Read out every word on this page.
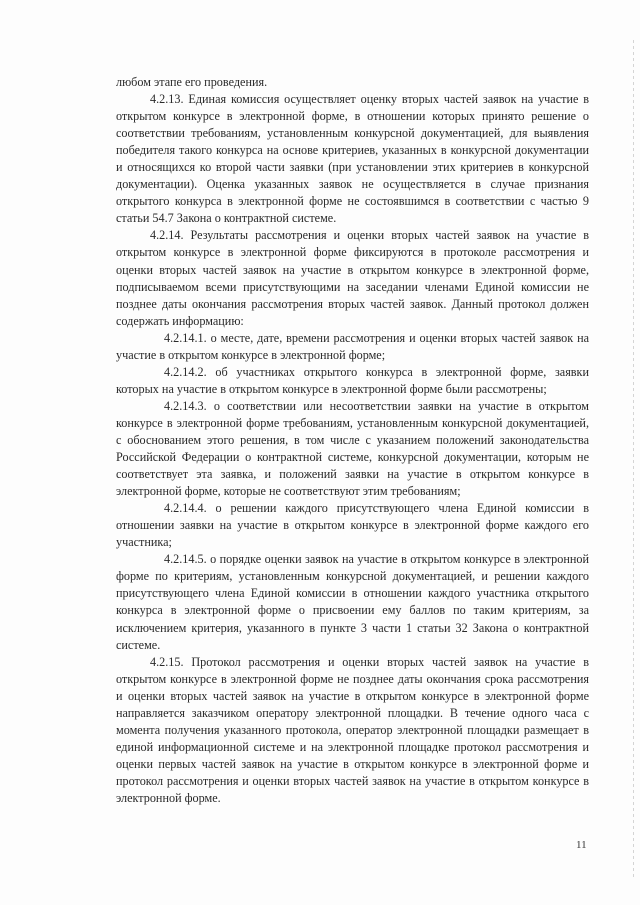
любом этапе его проведения.

4.2.13. Единая комиссия осуществляет оценку вторых частей заявок на участие в открытом конкурсе в электронной форме, в отношении которых принято решение о соответствии требованиям, установленным конкурсной документацией, для выявления победителя такого конкурса на основе критериев, указанных в конкурсной документации и относящихся ко второй части заявки (при установлении этих критериев в конкурсной документации). Оценка указанных заявок не осуществляется в случае признания открытого конкурса в электронной форме не состоявшимся в соответствии с частью 9 статьи 54.7 Закона о контрактной системе.

4.2.14. Результаты рассмотрения и оценки вторых частей заявок на участие в открытом конкурсе в электронной форме фиксируются в протоколе рассмотрения и оценки вторых частей заявок на участие в открытом конкурсе в электронной форме, подписываемом всеми присутствующими на заседании членами Единой комиссии не позднее даты окончания рассмотрения вторых частей заявок. Данный протокол должен содержать информацию:

4.2.14.1. о месте, дате, времени рассмотрения и оценки вторых частей заявок на участие в открытом конкурсе в электронной форме;

4.2.14.2. об участниках открытого конкурса в электронной форме, заявки которых на участие в открытом конкурсе в электронной форме были рассмотрены;

4.2.14.3. о соответствии или несоответствии заявки на участие в открытом конкурсе в электронной форме требованиям, установленным конкурсной документацией, с обоснованием этого решения, в том числе с указанием положений законодательства Российской Федерации о контрактной системе, конкурсной документации, которым не соответствует эта заявка, и положений заявки на участие в открытом конкурсе в электронной форме, которые не соответствуют этим требованиям;

4.2.14.4. о решении каждого присутствующего члена Единой комиссии в отношении заявки на участие в открытом конкурсе в электронной форме каждого его участника;

4.2.14.5. о порядке оценки заявок на участие в открытом конкурсе в электронной форме по критериям, установленным конкурсной документацией, и решении каждого присутствующего члена Единой комиссии в отношении каждого участника открытого конкурса в электронной форме о присвоении ему баллов по таким критериям, за исключением критерия, указанного в пункте 3 части 1 статьи 32 Закона о контрактной системе.

4.2.15. Протокол рассмотрения и оценки вторых частей заявок на участие в открытом конкурсе в электронной форме не позднее даты окончания срока рассмотрения и оценки вторых частей заявок на участие в открытом конкурсе в электронной форме направляется заказчиком оператору электронной площадки. В течение одного часа с момента получения указанного протокола, оператор электронной площадки размещает в единой информационной системе и на электронной площадке протокол рассмотрения и оценки первых частей заявок на участие в открытом конкурсе в электронной форме и протокол рассмотрения и оценки вторых частей заявок на участие в открытом конкурсе в электронной форме.

11
